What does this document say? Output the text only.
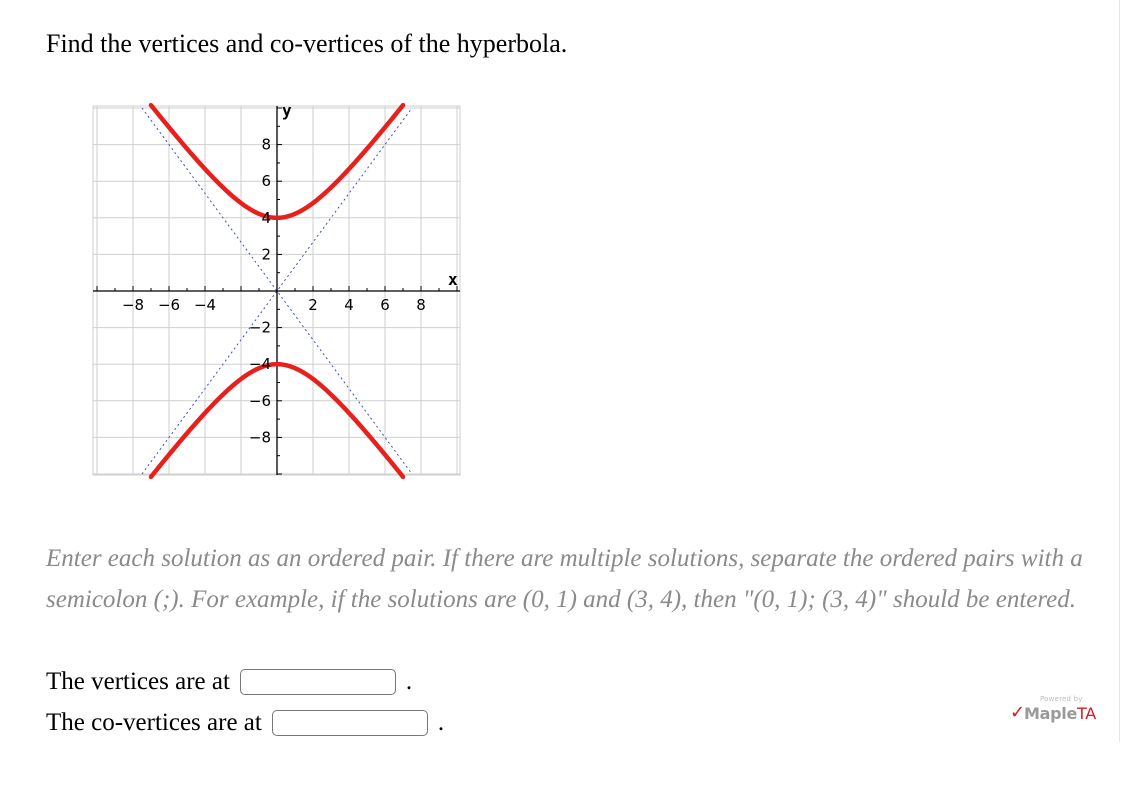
Find the vertices and co-vertices of the hyperbola.
y
x
−8 −6 −4	2 4 6 8
8
6
4
2
−2
−4
−6
−8

Enter each solution as an ordered pair. If there are multiple solutions, separate the ordered pairs with a semicolon (;). For example, if the solutions are (0, 1) and (3, 4), then "(0, 1); (3, 4)" should be entered.

The vertices are at	.
The co-vertices are at	.
Powered by
✓
MapleTA
